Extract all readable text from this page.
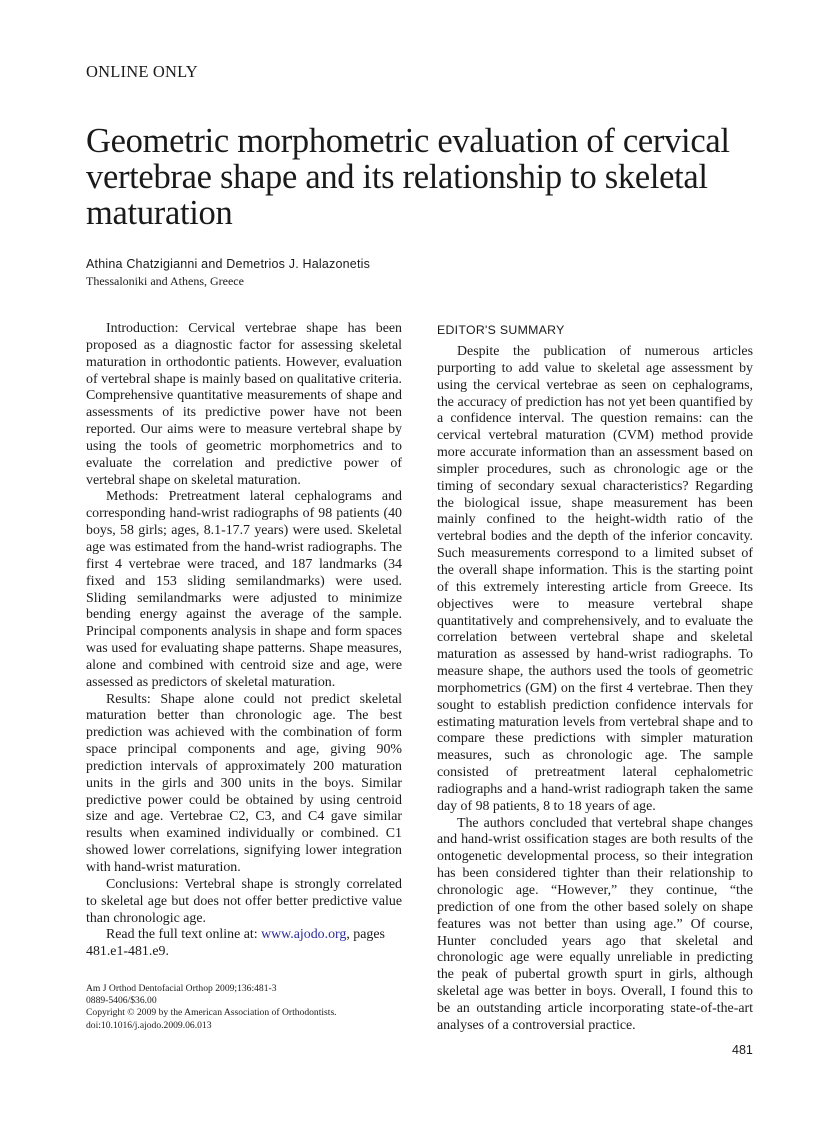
ONLINE ONLY
Geometric morphometric evaluation of cervical vertebrae shape and its relationship to skeletal maturation
Athina Chatzigianni and Demetrios J. Halazonetis
Thessaloniki and Athens, Greece

Introduction: Cervical vertebrae shape has been proposed as a diagnostic factor for assessing skeletal maturation in orthodontic patients. However, evaluation of vertebral shape is mainly based on qualitative criteria. Comprehensive quantitative measurements of shape and assessments of its predictive power have not been reported. Our aims were to measure vertebral shape by using the tools of geometric morphometrics and to evaluate the correlation and predictive power of vertebral shape on skeletal maturation.

Methods: Pretreatment lateral cephalograms and corresponding hand-wrist radiographs of 98 patients (40 boys, 58 girls; ages, 8.1-17.7 years) were used. Skeletal age was estimated from the hand-wrist radiographs. The first 4 vertebrae were traced, and 187 landmarks (34 fixed and 153 sliding semilandmarks) were used. Sliding semilandmarks were adjusted to minimize bending energy against the average of the sample. Principal components analysis in shape and form spaces was used for evaluating shape patterns. Shape measures, alone and combined with centroid size and age, were assessed as predictors of skeletal maturation.

Results: Shape alone could not predict skeletal maturation better than chronologic age. The best prediction was achieved with the combination of form space principal components and age, giving 90% prediction intervals of approximately 200 maturation units in the girls and 300 units in the boys. Similar predictive power could be obtained by using centroid size and age. Vertebrae C2, C3, and C4 gave similar results when examined individually or combined. C1 showed lower correlations, signifying lower integration with hand-wrist maturation.

Conclusions: Vertebral shape is strongly correlated to skeletal age but does not offer better predictive value than chronologic age.

Read the full text online at: www.ajodo.org, pages 481.e1-481.e9.

Am J Orthod Dentofacial Orthop 2009;136:481-3
0889-5406/$36.00
Copyright © 2009 by the American Association of Orthodontists.
doi:10.1016/j.ajodo.2009.06.013
EDITOR'S SUMMARY

Despite the publication of numerous articles purporting to add value to skeletal age assessment by using the cervical vertebrae as seen on cephalograms, the accuracy of prediction has not yet been quantified by a confidence interval. The question remains: can the cervical vertebral maturation (CVM) method provide more accurate information than an assessment based on simpler procedures, such as chronologic age or the timing of secondary sexual characteristics? Regarding the biological issue, shape measurement has been mainly confined to the height-width ratio of the vertebral bodies and the depth of the inferior concavity. Such measurements correspond to a limited subset of the overall shape information. This is the starting point of this extremely interesting article from Greece. Its objectives were to measure vertebral shape quantitatively and comprehensively, and to evaluate the correlation between vertebral shape and skeletal maturation as assessed by hand-wrist radiographs. To measure shape, the authors used the tools of geometric morphometrics (GM) on the first 4 vertebrae. Then they sought to establish prediction confidence intervals for estimating maturation levels from vertebral shape and to compare these predictions with simpler maturation measures, such as chronologic age. The sample consisted of pretreatment lateral cephalometric radiographs and a hand-wrist radiograph taken the same day of 98 patients, 8 to 18 years of age.

The authors concluded that vertebral shape changes and hand-wrist ossification stages are both results of the ontogenetic developmental process, so their integration has been considered tighter than their relationship to chronologic age. “However,” they continue, “the prediction of one from the other based solely on shape features was not better than using age.” Of course, Hunter concluded years ago that skeletal and chronologic age were equally unreliable in predicting the peak of pubertal growth spurt in girls, although skeletal age was better in boys. Overall, I found this to be an outstanding article incorporating state-of-the-art analyses of a controversial practice.

481
